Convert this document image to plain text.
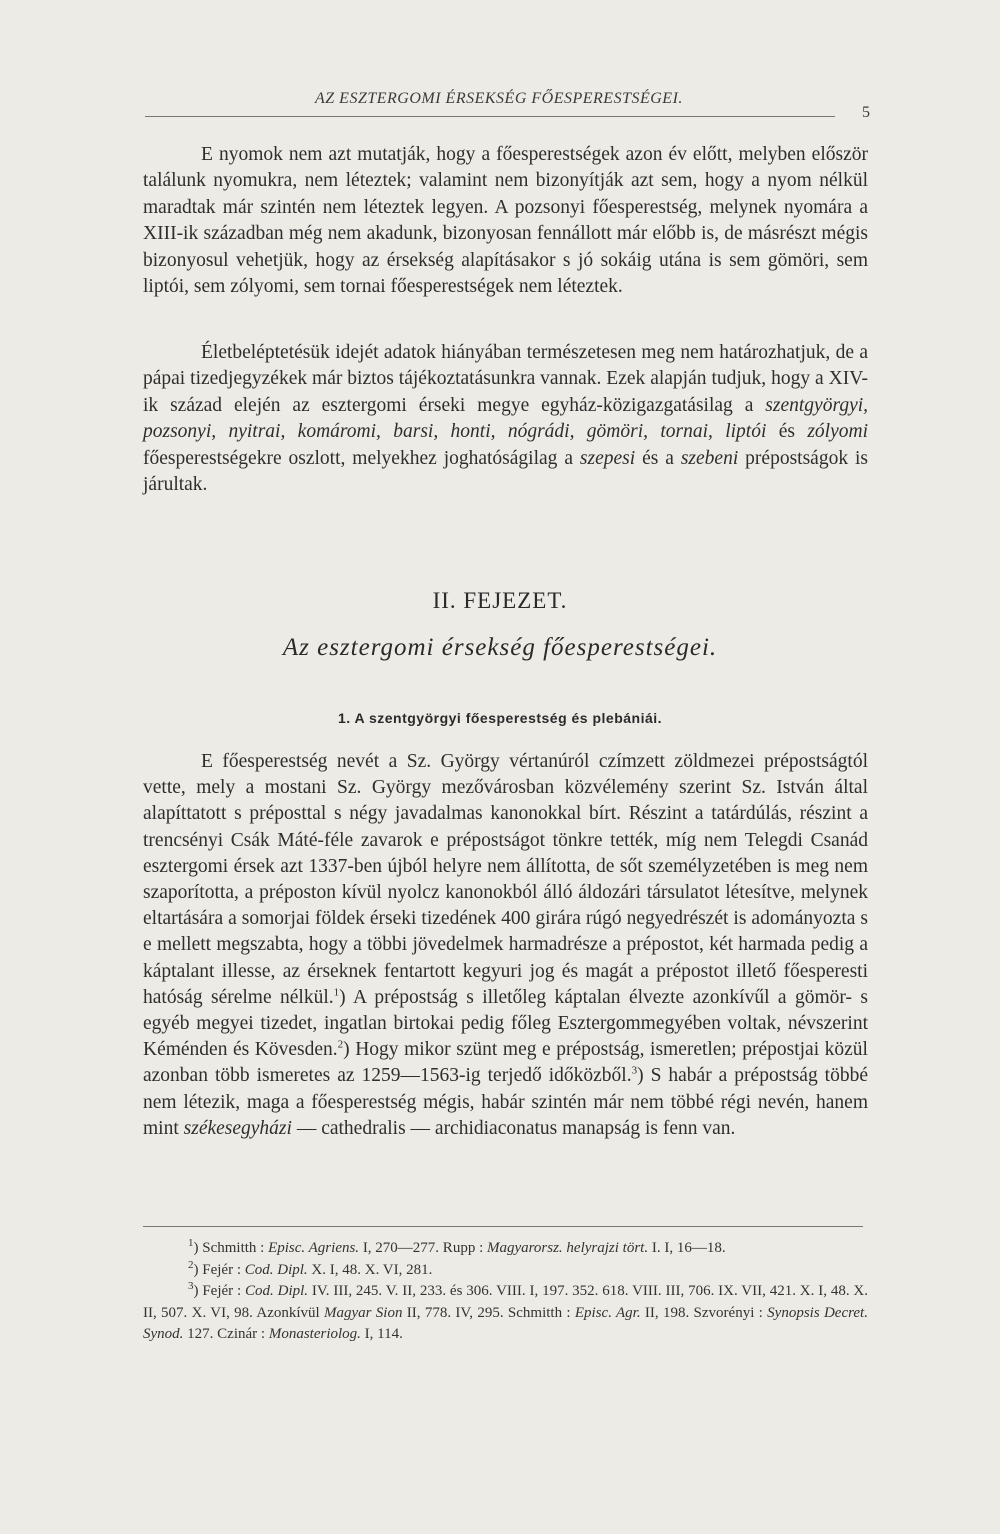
AZ ESZTERGOMI ÉRSEKSÉG FŐESPERESTSÉGEI.
5

E nyomok nem azt mutatják, hogy a főesperestségek azon év előtt, melyben először találunk nyomukra, nem léteztek; valamint nem bizonyítják azt sem, hogy a nyom nélkül maradtak már szintén nem léteztek legyen. A pozsonyi főesperestség, melynek nyomára a XIII-ik században még nem akadunk, bizonyosan fennállott már előbb is, de másrészt mégis bizonyosul vehetjük, hogy az érsekség alapításakor s jó sokáig utána is sem gömöri, sem liptói, sem zólyomi, sem tornai főesperestségek nem léteztek.

Életbeléptetésük idejét adatok hiányában természetesen meg nem határozhatjuk, de a pápai tizedjegyzékek már biztos tájékoztatásunkra vannak. Ezek alapján tudjuk, hogy a XIV-ik század elején az esztergomi érseki megye egyház-közigazgatásilag a szentgyörgyi, pozsonyi, nyitrai, komáromi, barsi, honti, nógrádi, gömöri, tornai, liptói és zólyomi főesperestségekre oszlott, melyekhez joghatóságilag a szepesi és a szebeni prépostságok is járultak.

II. FEJEZET.
Az esztergomi érsekség főesperestségei.
1. A szentgyörgyi főesperestség és plebániái.

E főesperestség nevét a Sz. György vértanúról czímzett zöldmezei prépostságtól vette, mely a mostani Sz. György mezővárosban közvélemény szerint Sz. István által alapíttatott s préposttal s négy javadalmas kanonokkal bírt. Részint a tatárdúlás, részint a trencsényi Csák Máté-féle zavarok e prépostságot tönkre tették, míg nem Telegdi Csanád esztergomi érsek azt 1337-ben újból helyre nem állította, de sőt személyzetében is meg nem szaporította, a préposton kívül nyolcz kanonokból álló áldozári társulatot létesítve, melynek eltartására a somorjai földek érseki tizedének 400 girára rúgó negyedrészét is adományozta s e mellett megszabta, hogy a többi jövedelmek harmadrésze a prépostot, két harmada pedig a káptalant illesse, az érseknek fentartott kegyuri jog és magát a prépostot illető főesperesti hatóság sérelme nélkül.$^1$) A prépostság s illetőleg káptalan élvezte azonkívűl a gömör- s egyéb megyei tizedet, ingatlan birtokai pedig főleg Esztergommegyében voltak, névszerint Kéménden és Kövesden.$^2$) Hogy mikor szünt meg e prépostság, ismeretlen; prépostjai közül azonban több ismeretes az 1259—1563-ig terjedő időközből.$^3$) S habár a prépostság többé nem létezik, maga a főesperestség mégis, habár szintén már nem többé régi nevén, hanem mint székesegyházi — cathedralis — archidiaconatus manapság is fenn van.

$^1$) Schmitth : Episc. Agriens. I, 270—277. Rupp : Magyarorsz. helyrajzi tört. I. I, 16—18.

$^2$) Fejér : Cod. Dipl. X. I, 48. X. VI, 281.

$^3$) Fejér : Cod. Dipl. IV. III, 245. V. II, 233. és 306. VIII. I, 197. 352. 618. VIII. III, 706. IX. VII, 421. X. I, 48. X. II, 507. X. VI, 98. Azonkívül Magyar Sion II, 778. IV, 295. Schmitth : Episc. Agr. II, 198. Szvorényi : Synopsis Decret. Synod. 127. Czinár : Monasteriolog. I, 114.
